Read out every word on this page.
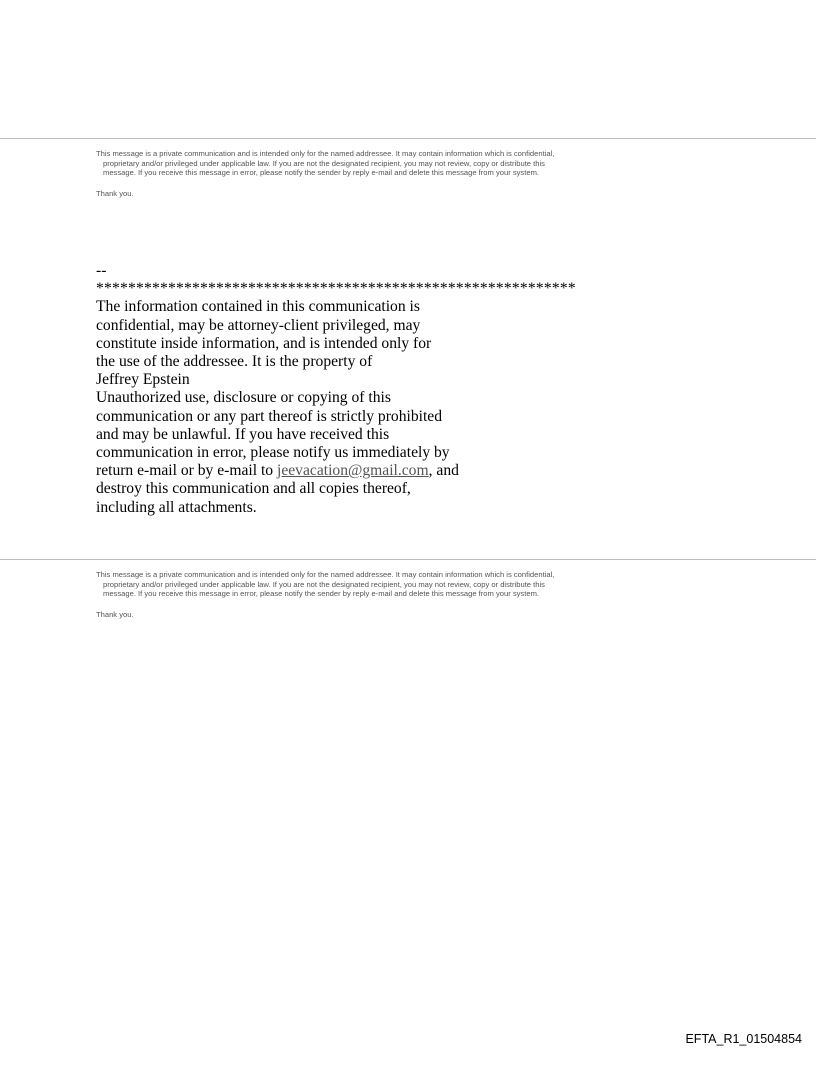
This message is a private communication and is intended only for the named addressee. It may contain information which is confidential,
proprietary and/or privileged under applicable law. If you are not the designated recipient, you may not review, copy or distribute this
message. If you receive this message in error, please notify the sender by reply e-mail and delete this message from your system.
Thank you.
--
************************************************************
The information contained in this communication is
confidential, may be attorney-client privileged, may
constitute inside information, and is intended only for
the use of the addressee. It is the property of
Jeffrey Epstein
Unauthorized use, disclosure or copying of this
communication or any part thereof is strictly prohibited
and may be unlawful. If you have received this
communication in error, please notify us immediately by
return e-mail or by e-mail to jeevacation@gmail.com, and
destroy this communication and all copies thereof,
including all attachments.
This message is a private communication and is intended only for the named addressee. It may contain information which is confidential,
proprietary and/or privileged under applicable law. If you are not the designated recipient, you may not review, copy or distribute this
message. If you receive this message in error, please notify the sender by reply e-mail and delete this message from your system.
Thank you.
EFTA_R1_01504854
